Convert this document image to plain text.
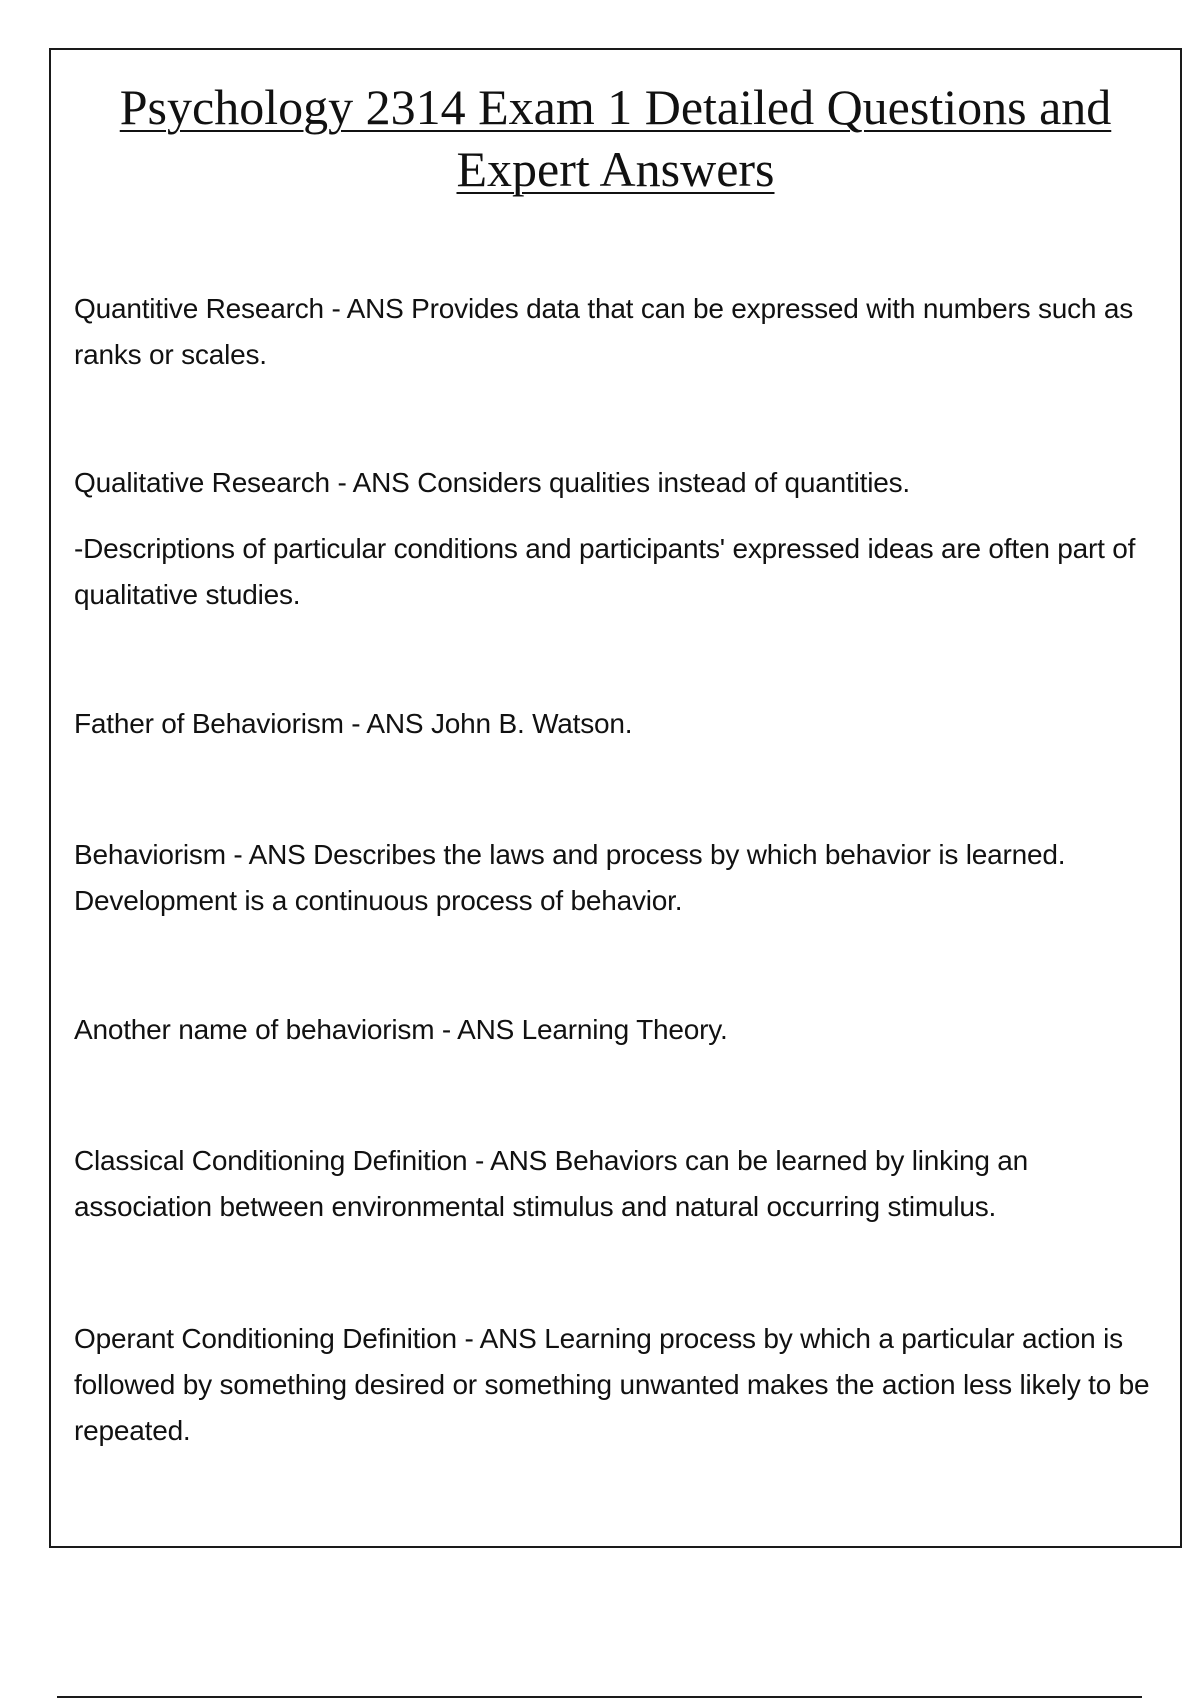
Psychology 2314 Exam 1 Detailed Questions and
Expert Answers

Quantitive Research - ANS Provides data that can be expressed with numbers such as ranks or scales.

Qualitative Research - ANS Considers qualities instead of quantities.

-Descriptions of particular conditions and participants' expressed ideas are often part of qualitative studies.

Father of Behaviorism - ANS John B. Watson.

Behaviorism - ANS Describes the laws and process by which behavior is learned. Development is a continuous process of behavior.

Another name of behaviorism - ANS Learning Theory.

Classical Conditioning Definition - ANS Behaviors can be learned by linking an association between environmental stimulus and natural occurring stimulus.

Operant Conditioning Definition - ANS Learning process by which a particular action is followed by something desired or something unwanted makes the action less likely to be repeated.
